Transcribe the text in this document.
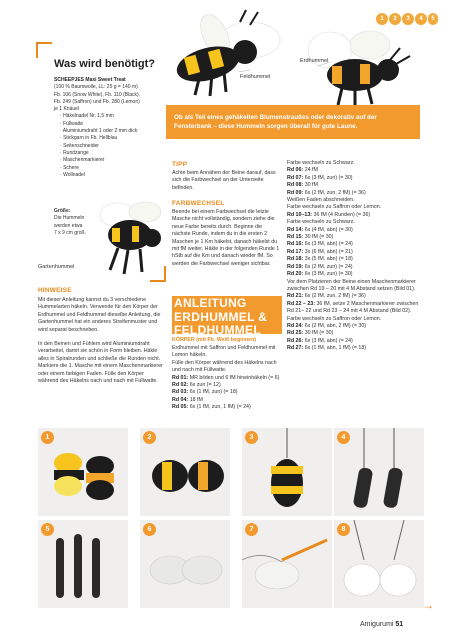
1	2	3	4	5
Was wird benötigt?
SCHEEPJES Maxi Sweet Treat
(100 % Baumwolle, LL: 25 g = 140 m)
Fb. 106 (Snow White), Fb. 110 (Black),
Fb. 249 (Saffron) und Fb. 280 (Lemon)
je 1 Knäuel
· Häkelnadel Nr. 1,5 mm
· Füllwatte
· Aluminiumdraht 1 oder 2 mm dick
· Stickgarn in Fb. Hellblau
· Seitenschneider
· Rundzange
· Maschenmarkierer
· Schere
· Wollnadel
Größe:
Die Hummeln
werden etwa
7 x 9 cm groß.
Feldhummel
Erdhummel
Gartenhummel
Ob als Teil eines gehäkelten Blumenstraußes oder dekorativ auf der Fensterbank – diese Hummeln sorgen überall für gute Laune.
HINWEISE

Mit dieser Anleitung kannst du 3 verschiedene Hummelarten häkeln. Verwende für den Körper der Erdhummel und Feldhummel dieselbe Anleitung, die Gartenhummel hat ein anderes Streifenmuster und wird separat beschrieben.

In den Beinen und Fühlern wird Aluminiumdraht verarbeitet, damit sie schön in Form bleiben. Häkle alles in Spiralrunden und schließe die Runden nicht. Markiere die 1. Masche mit einem Maschenmarkierer oder einem farbigen Faden. Fülle den Körper während des Häkelns nach und nach mit Füllwatte.

TIPP
Achte beim Annähen der Beine darauf, dass sich die Farbwechsel an der Unterseite befinden.
FARBWECHSEL
Beende bei einem Farbwechsel die letzte Masche nicht vollständig, sondern ziehe die neue Farbe bereits durch. Beginne die nächste Runde, indem du in die ersten 2 Maschen je 1 Km häkelst, danach häkelst du mit fM weiter. Häkle in der folgenden Runde 1 hStb auf die Km und danach wieder fM. So werden die Farbwechsel weniger sichtbar.
ANLEITUNG
ERDHUMMEL &
FELDHUMMEL
KÖRPER (mit Fb. Weiß beginnen)

Erdhummel mit Saffron und Feldhummel mit Lemon häkeln.

Fülle den Körper während des Häkelns nach und nach mit Füllwatte.

Rd 01: MR bilden und 6 fM hineinhäkeln (= 6)

Rd 02: 6x zun (= 12)

Rd 03: 6x (1 fM, zun) (= 18)

Rd 04: 18 fM

Rd 05: 6x (1 fM, zun, 1 fM) (= 24)

Farbe wechseln zu Schwarz.

Rd 06: 24 fM

Rd 07: 6x (3 fM, zun) (= 30)

Rd 08: 30 fM

Rd 09: 6x (2 fM, zun, 2 fM) (= 36)

Weißen Faden abschneiden.

Farbe wechseln zu Saffron oder Lemon.

Rd 10–13: 36 fM (4 Runden) (= 36)

Farbe wechseln zu Schwarz.

Rd 14: 6x (4 fM, abn) (= 30)

Rd 15: 30 fM (= 30)

Rd 16: 6x (3 fM, abn) (= 24)

Rd 17: 3x (6 fM, abn) (= 21)

Rd 18: 3x (5 fM, abn) (= 18)

Rd 19: 6x (2 fM, zun) (= 24)

Rd 20: 6x (3 fM, zun) (= 30)

Vor dem Platzieren der Beine einen Maschenmarkierer zwischen Rd 19 – 20 mit 4 M Abstand setzen (Bild 01).

Rd 21: 6x (2 fM, zun, 2 fM) (= 36)

Rd 22 – 23: 36 fM, setze 2 Maschenmarkierer zwischen Rd 21– 22 und Rd 23 – 24 mit 4 M Abstand (Bild 02). Farbe wechseln zu Saffron oder Lemon.

Rd 24: 6x (2 fM, abn, 2 fM) (= 30)

Rd 25: 30 fM (= 30)

Rd 26: 6x (3 fM, abn) (= 24)

Rd 27: 6x (1 fM, abn, 1 fM) (= 18)

1	2	3	4
5	6	7	8
→
Amigurumi 51
